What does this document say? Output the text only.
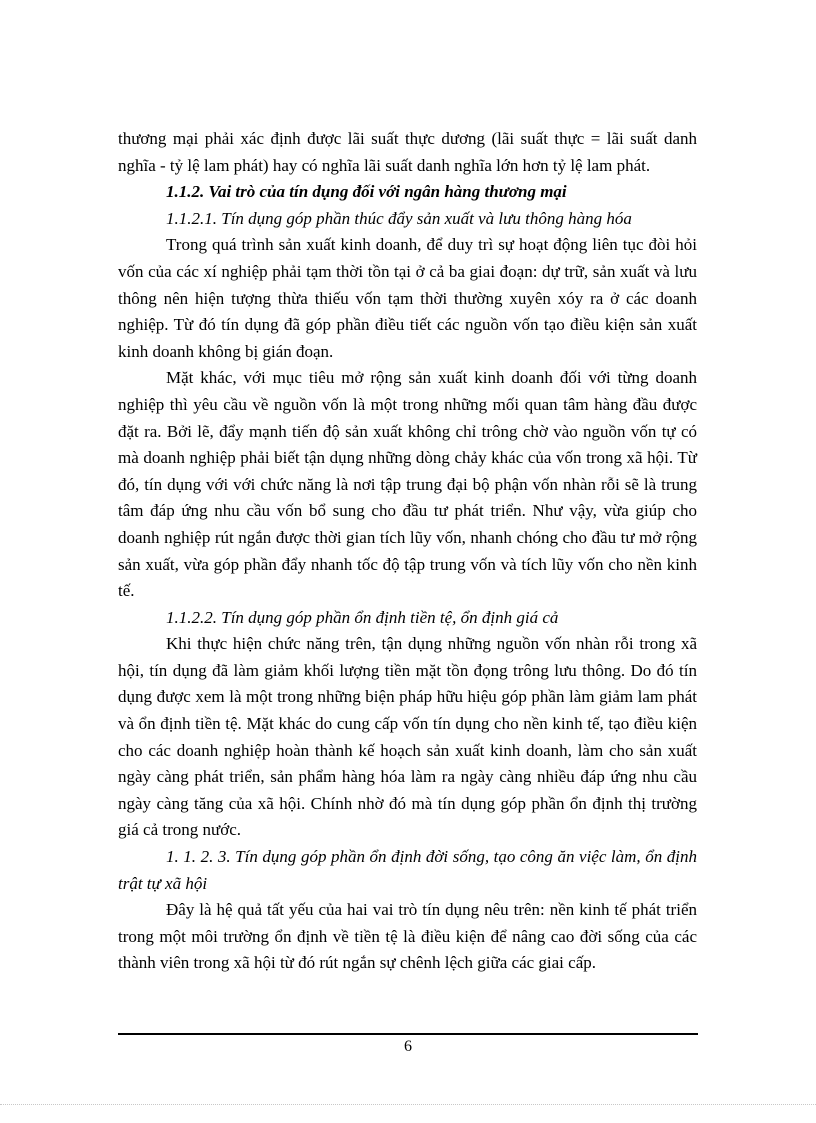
thương mại phải xác định được lãi suất thực dương (lãi suất thực = lãi suất danh nghĩa - tỷ lệ lam phát) hay có nghĩa lãi suất danh nghĩa lớn hơn tỷ lệ lam phát.

1.1.2. Vai trò của tín dụng đối với ngân hàng thương mại

1.1.2.1. Tín dụng góp phần thúc đẩy sản xuất và lưu thông hàng hóa

Trong quá trình sản xuất kinh doanh, để duy trì sự hoạt động liên tục đòi hỏi vốn của các xí nghiệp phải tạm thời tồn tại ở cả ba giai đoạn: dự trữ, sản xuất và lưu thông nên hiện tượng thừa thiếu vốn tạm thời thường xuyên xóy ra ở các doanh nghiệp. Từ đó tín dụng đã góp phần điều tiết các nguồn vốn tạo điều kiện sản xuất kinh doanh không bị gián đoạn.

Mặt khác, với mục tiêu mở rộng sản xuất kinh doanh đối với từng doanh nghiệp thì yêu cầu về nguồn vốn là một trong những mối quan tâm hàng đầu được đặt ra. Bởi lẽ, đẩy mạnh tiến độ sản xuất không chỉ trông chờ vào nguồn vốn tự có mà doanh nghiệp phải biết tận dụng những dòng chảy khác của vốn trong xã hội. Từ đó, tín dụng với với chức năng là nơi tập trung đại bộ phận vốn nhàn rỗi sẽ là trung tâm đáp ứng nhu cầu vốn bổ sung cho đầu tư phát triển. Như vậy, vừa giúp cho doanh nghiệp rút ngắn được thời gian tích lũy vốn, nhanh chóng cho đầu tư mở rộng sản xuất, vừa góp phần đẩy nhanh tốc độ tập trung vốn và tích lũy vốn cho nền kinh tế.

1.1.2.2. Tín dụng góp phần ổn định tiền tệ, ổn định giá cả

Khi thực hiện chức năng trên, tận dụng những nguồn vốn nhàn rỗi trong xã hội, tín dụng đã làm giảm khối lượng tiền mặt tồn đọng trông lưu thông. Do đó tín dụng được xem là một trong những biện pháp hữu hiệu góp phần làm giảm lam phát và ổn định tiền tệ. Mặt khác do cung cấp vốn tín dụng cho nền kinh tế, tạo điều kiện cho các doanh nghiệp hoàn thành kế hoạch sản xuất kinh doanh, làm cho sản xuất ngày càng phát triển, sản phẩm hàng hóa làm ra ngày càng nhiều đáp ứng nhu cầu ngày càng tăng của xã hội. Chính nhờ đó mà tín dụng góp phần ổn định thị trường giá cả trong nước.

1. 1. 2. 3. Tín dụng góp phần ổn định đời sống, tạo công ăn việc làm, ổn định trật tự xã hội

Đây là hệ quả tất yếu của hai vai trò tín dụng nêu trên: nền kinh tế phát triển trong một môi trường ổn định về tiền tệ là điều kiện để nâng cao đời sống của các thành viên trong xã hội từ đó rút ngắn sự chênh lệch giữa các giai cấp.

6
